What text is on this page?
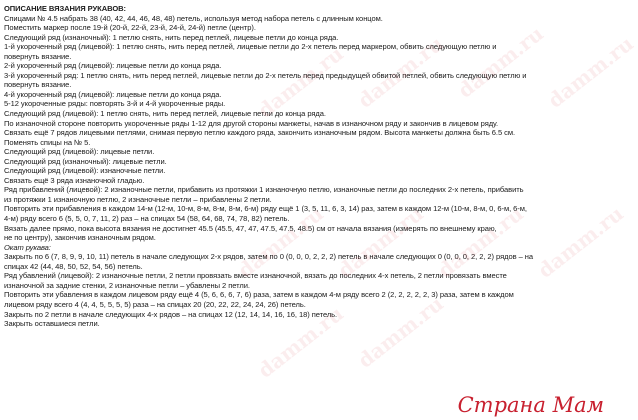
ОПИСАНИЕ ВЯЗАНИЯ РУКАВОВ:
Спицами № 4.5 набрать 38 (40, 42, 44, 46, 48, 48) петель, используя метод набора петель с длинным концом.
Поместить маркер после 19-й (20-й, 22-й, 23-й, 24-й, 24-й) петле (центр).
Следующий ряд (изнаночный): 1 петлю снять, нить перед петлей, лицевые петли до конца ряда.
1-й укороченный ряд (лицевой): 1 петлю снять, нить перед петлей, лицевые петли до 2-х петель перед маркером, обвить следующую петлю и
повернуть вязание.
2-й укороченный ряд (лицевой): лицевые петли до конца ряда.
3-й укороченный ряд: 1 петлю снять, нить перед петлей, лицевые петли до 2-х петель перед предыдущей обвитой петлей, обвить следующую петлю и
повернуть вязание.
4-й укороченный ряд (лицевой): лицевые петли до конца ряда.
5-12 укороченные ряды: повторять 3-й и 4-й укороченные ряды.
Следующий ряд (лицевой): 1 петлю снять, нить перед петлей, лицевые петли до конца ряда.
По изнаночной стороне повторить укороченные ряды 1-12 для другой стороны манжеты, начав в изнаночном ряду и закончив в лицевом ряду.
Связать ещё 7 рядов лицевыми петлями, снимая первую петлю каждого ряда, закончить изнаночным рядом. Высота манжеты должна быть 6.5 см.
Поменять спицы на № 5.
Следующий ряд (лицевой): лицевые петли.
Следующий ряд (изнаночный): лицевые петли.
Следующий ряд (лицевой): изнаночные петли.
Связать ещё 3 ряда изнаночной гладью.
Ряд прибавлений (лицевой): 2 изнаночные петли, прибавить из протяжки 1 изнаночную петлю, изнаночные петли до последних 2-х петель, прибавить
из протяжки 1 изнаночную петлю, 2 изнаночные петли – прибавлены 2 петли.
Повторить эти прибавления в каждом 14-м (12-м, 10-м, 8-м, 8-м, 8-м, 6-м) ряду ещё 1 (3, 5, 11, 6, 3, 14) раз, затем в каждом 12-м (10-м, 8-м, 0, 6-м, 6-м,
4-м) ряду всего 6 (5, 5, 0, 7, 11, 2) раз – на спицах 54 (58, 64, 68, 74, 78, 82) петель.
Вязать далее прямо, пока высота вязания не достигнет 45.5 (45.5, 47, 47, 47.5, 47.5, 48.5) см от начала вязания (измерять по внешнему краю,
не по центру), закончив изнаночным рядом.
Окат рукава:
Закрыть по 6 (7, 8, 9, 9, 10, 11) петель в начале следующих 2-х рядов, затем по 0 (0, 0, 0, 2, 2, 2) петель в начале следующих 0 (0, 0, 0, 2, 2, 2) рядов – на
спицах 42 (44, 48, 50, 52, 54, 56) петель.
Ряд убавлений (лицевой): 2 изнаночные петли, 2 петли провязать вместе изнаночной, вязать до последних 4-х петель, 2 петли провязать вместе
изнаночной за задние стенки, 2 изнаночные петли – убавлены 2 петли.
Повторить эти убавления в каждом лицевом ряду ещё 4 (5, 6, 6, 6, 7, 6) раза, затем в каждом 4-м ряду всего 2 (2, 2, 2, 2, 2, 3) раза, затем в каждом
лицевом ряду всего 4 (4, 4, 5, 5, 5, 5) раза – на спицах 20 (20, 22, 22, 24, 24, 26) петель.
Закрыть по 2 петли в начале следующих 4-х рядов – на спицах 12 (12, 14, 14, 16, 16, 18) петель.
Закрыть оставшиеся петли.
damm.ru damm.ru damm.ru
damm.ru
damm.ru damm.ru damm.ru damm.ru
damm.ru damm.ru
Страна Мам
